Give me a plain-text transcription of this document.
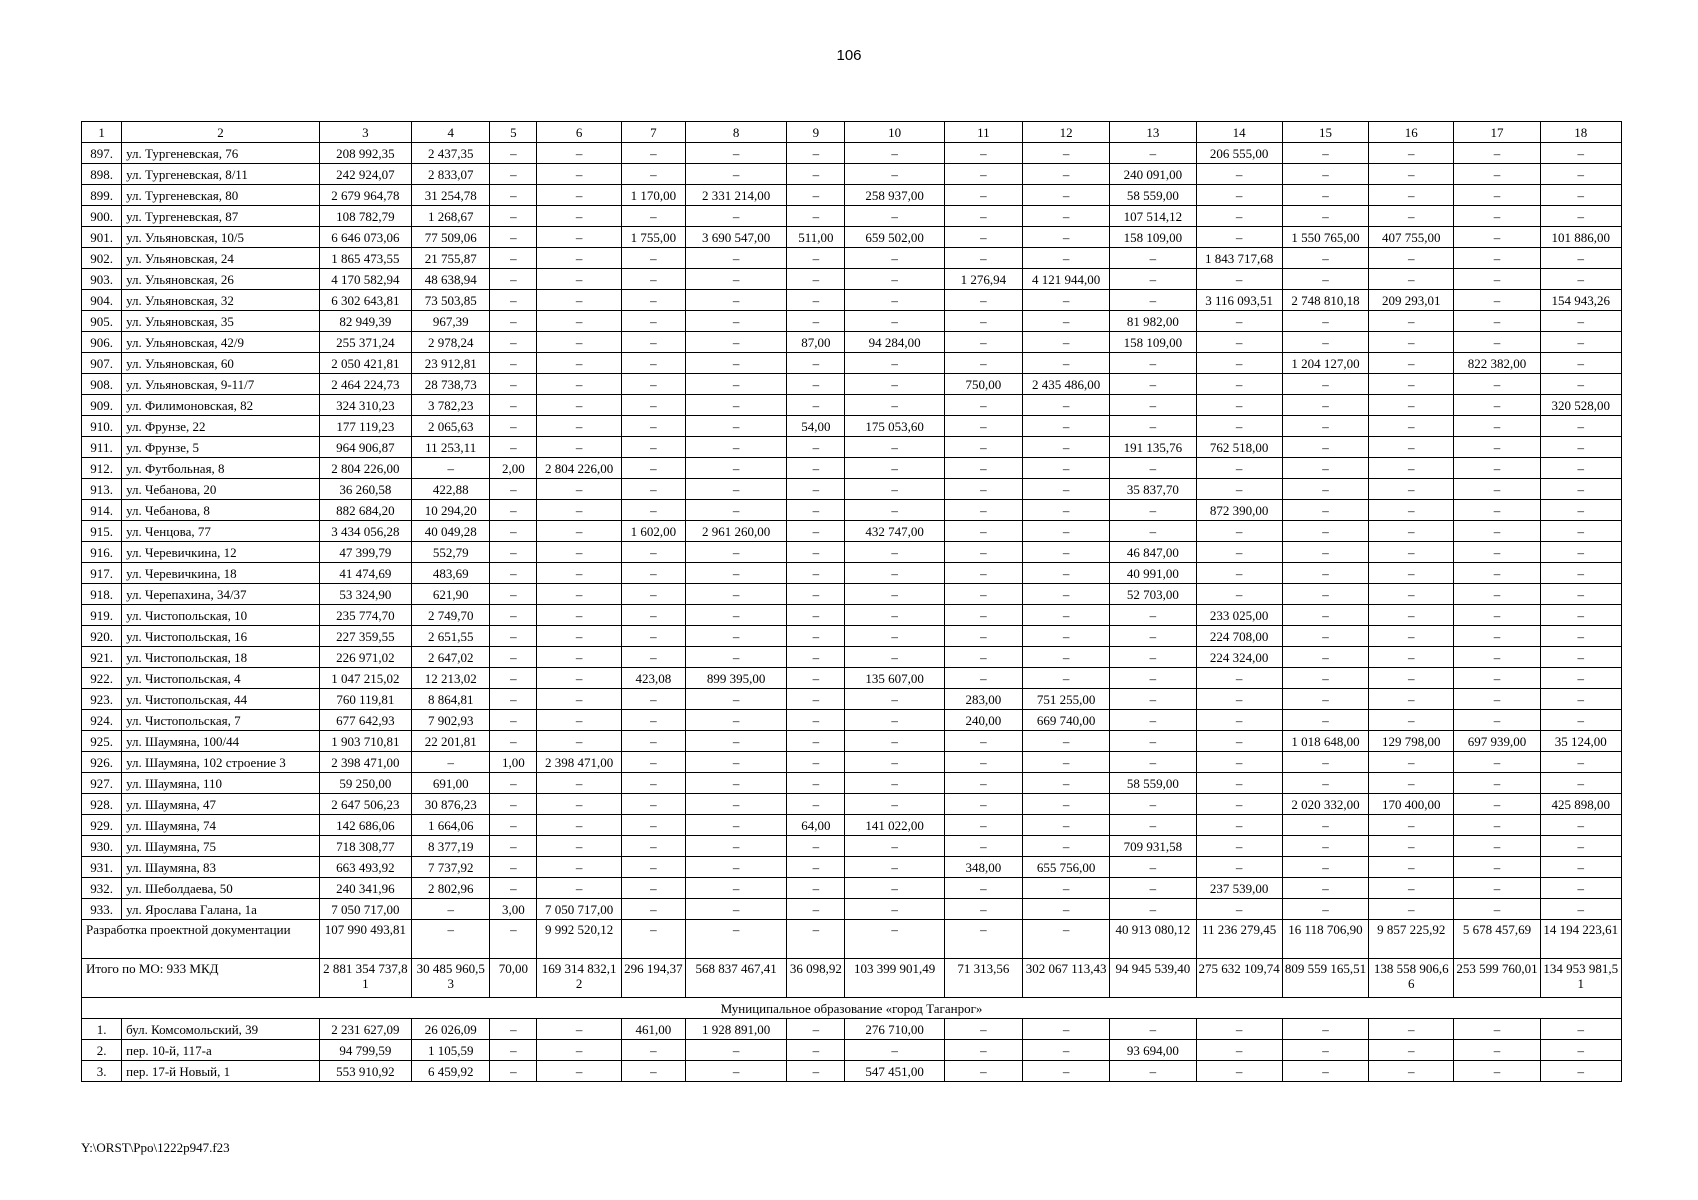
106
1	2	3	4	5	6	7	8	9	10	11	12	13	14	15	16	17	18
897.	ул. Тургеневская, 76	208 992,35	2 437,35	–	–	–	–	–	–	–	–	–	206 555,00	–	–	–	–
898.	ул. Тургеневская, 8/11	242 924,07	2 833,07	–	–	–	–	–	–	–	–	240 091,00	–	–	–	–	–
899.	ул. Тургеневская, 80	2 679 964,78	31 254,78	–	–	1 170,00	2 331 214,00	–	258 937,00	–	–	58 559,00	–	–	–	–	–
900.	ул. Тургеневская, 87	108 782,79	1 268,67	–	–	–	–	–	–	–	–	107 514,12	–	–	–	–	–
901.	ул. Ульяновская, 10/5	6 646 073,06	77 509,06	–	–	1 755,00	3 690 547,00	511,00	659 502,00	–	–	158 109,00	–	1 550 765,00	407 755,00	–	101 886,00
902.	ул. Ульяновская, 24	1 865 473,55	21 755,87	–	–	–	–	–	–	–	–	–	1 843 717,68	–	–	–	–
903.	ул. Ульяновская, 26	4 170 582,94	48 638,94	–	–	–	–	–	–	1 276,94	4 121 944,00	–	–	–	–	–	–
904.	ул. Ульяновская, 32	6 302 643,81	73 503,85	–	–	–	–	–	–	–	–	–	3 116 093,51	2 748 810,18	209 293,01	–	154 943,26
905.	ул. Ульяновская, 35	82 949,39	967,39	–	–	–	–	–	–	–	–	81 982,00	–	–	–	–	–
906.	ул. Ульяновская, 42/9	255 371,24	2 978,24	–	–	–	–	87,00	94 284,00	–	–	158 109,00	–	–	–	–	–
907.	ул. Ульяновская, 60	2 050 421,81	23 912,81	–	–	–	–	–	–	–	–	–	–	1 204 127,00	–	822 382,00	–
908.	ул. Ульяновская, 9-11/7	2 464 224,73	28 738,73	–	–	–	–	–	–	750,00	2 435 486,00	–	–	–	–	–	–
909.	ул. Филимоновская, 82	324 310,23	3 782,23	–	–	–	–	–	–	–	–	–	–	–	–	–	320 528,00
910.	ул. Фрунзе, 22	177 119,23	2 065,63	–	–	–	–	54,00	175 053,60	–	–	–	–	–	–	–	–
911.	ул. Фрунзе, 5	964 906,87	11 253,11	–	–	–	–	–	–	–	–	191 135,76	762 518,00	–	–	–	–
912.	ул. Футбольная, 8	2 804 226,00	–	2,00	2 804 226,00	–	–	–	–	–	–	–	–	–	–	–	–
913.	ул. Чебанова, 20	36 260,58	422,88	–	–	–	–	–	–	–	–	35 837,70	–	–	–	–	–
914.	ул. Чебанова, 8	882 684,20	10 294,20	–	–	–	–	–	–	–	–	–	872 390,00	–	–	–	–
915.	ул. Ченцова, 77	3 434 056,28	40 049,28	–	–	1 602,00	2 961 260,00	–	432 747,00	–	–	–	–	–	–	–	–
916.	ул. Черевичкина, 12	47 399,79	552,79	–	–	–	–	–	–	–	–	46 847,00	–	–	–	–	–
917.	ул. Черевичкина, 18	41 474,69	483,69	–	–	–	–	–	–	–	–	40 991,00	–	–	–	–	–
918.	ул. Черепахина, 34/37	53 324,90	621,90	–	–	–	–	–	–	–	–	52 703,00	–	–	–	–	–
919.	ул. Чистопольская, 10	235 774,70	2 749,70	–	–	–	–	–	–	–	–	–	233 025,00	–	–	–	–
920.	ул. Чистопольская, 16	227 359,55	2 651,55	–	–	–	–	–	–	–	–	–	224 708,00	–	–	–	–
921.	ул. Чистопольская, 18	226 971,02	2 647,02	–	–	–	–	–	–	–	–	–	224 324,00	–	–	–	–
922.	ул. Чистопольская, 4	1 047 215,02	12 213,02	–	–	423,08	899 395,00	–	135 607,00	–	–	–	–	–	–	–	–
923.	ул. Чистопольская, 44	760 119,81	8 864,81	–	–	–	–	–	–	283,00	751 255,00	–	–	–	–	–	–
924.	ул. Чистопольская, 7	677 642,93	7 902,93	–	–	–	–	–	–	240,00	669 740,00	–	–	–	–	–	–
925.	ул. Шаумяна, 100/44	1 903 710,81	22 201,81	–	–	–	–	–	–	–	–	–	–	1 018 648,00	129 798,00	697 939,00	35 124,00
926.	ул. Шаумяна, 102 строение 3	2 398 471,00	–	1,00	2 398 471,00	–	–	–	–	–	–	–	–	–	–	–	–
927.	ул. Шаумяна, 110	59 250,00	691,00	–	–	–	–	–	–	–	–	58 559,00	–	–	–	–	–
928.	ул. Шаумяна, 47	2 647 506,23	30 876,23	–	–	–	–	–	–	–	–	–	–	2 020 332,00	170 400,00	–	425 898,00
929.	ул. Шаумяна, 74	142 686,06	1 664,06	–	–	–	–	64,00	141 022,00	–	–	–	–	–	–	–	–
930.	ул. Шаумяна, 75	718 308,77	8 377,19	–	–	–	–	–	–	–	–	709 931,58	–	–	–	–	–
931.	ул. Шаумяна, 83	663 493,92	7 737,92	–	–	–	–	–	–	348,00	655 756,00	–	–	–	–	–	–
932.	ул. Шеболдаева, 50	240 341,96	2 802,96	–	–	–	–	–	–	–	–	–	237 539,00	–	–	–	–
933.	ул. Ярослава Галана, 1а	7 050 717,00	–	3,00	7 050 717,00	–	–	–	–	–	–	–	–	–	–	–	–
Разработка проектной документации		107 990 493,81	–	–	9 992 520,12	–	–	–	–	–	–	40 913 080,12	11 236 279,45	16 118 706,90	9 857 225,92	5 678 457,69	14 194 223,61
Итого по МО: 933 МКД		2 881 354 737,81	30 485 960,53	70,00	169 314 832,12	296 194,37	568 837 467,41	36 098,92	103 399 901,49	71 313,56	302 067 113,43	94 945 539,40	275 632 109,74	809 559 165,51	138 558 906,66	253 599 760,01	134 953 981,51
Муниципальное образование «город Таганрог»																	
1.	бул. Комсомольский, 39	2 231 627,09	26 026,09	–	–	461,00	1 928 891,00	–	276 710,00	–	–	–	–	–	–	–	–
2.	пер. 10-й, 117-а	94 799,59	1 105,59	–	–	–	–	–	–	–	–	93 694,00	–	–	–	–	–
3.	пер. 17-й Новый, 1	553 910,92	6 459,92	–	–	–	–	–	547 451,00	–	–	–	–	–	–	–	–
Y:\ORST\Ppo\1222p947.f23
